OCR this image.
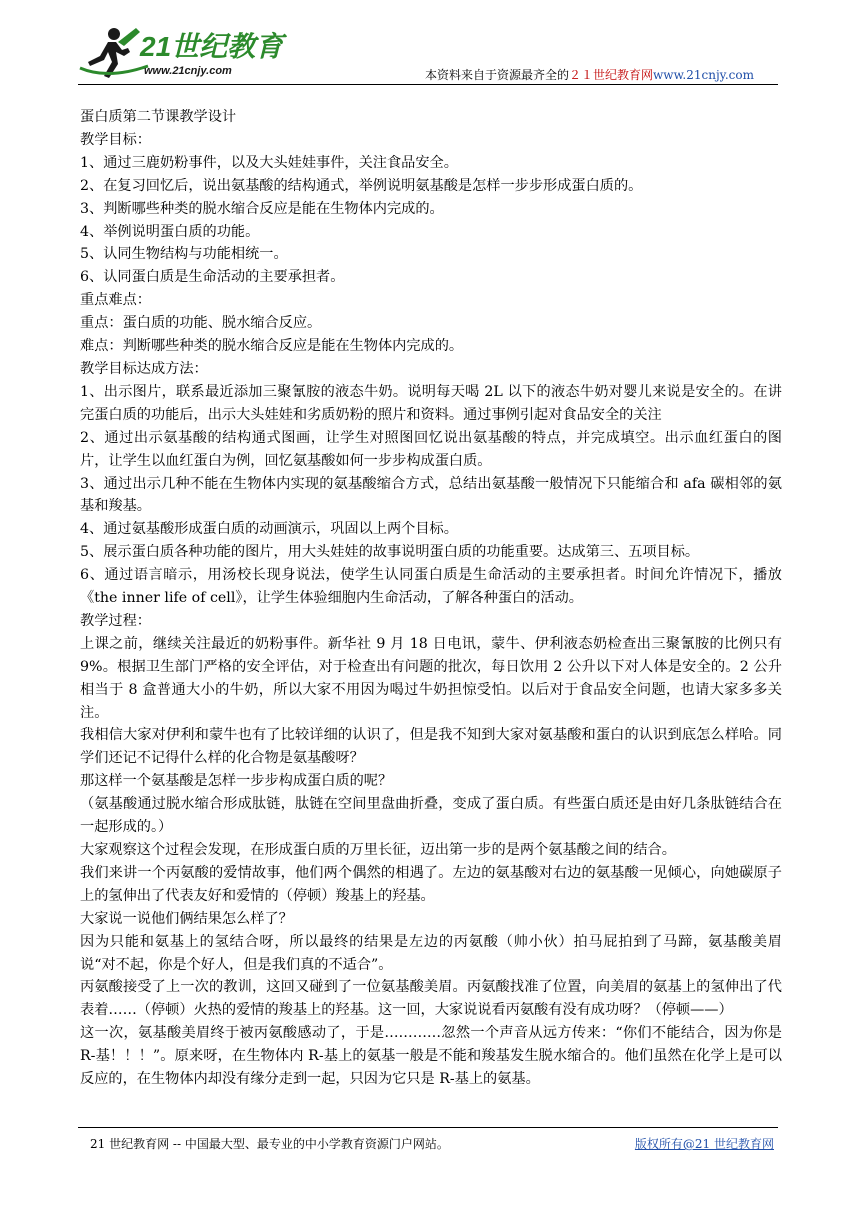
21世纪教育
www.21cnjy.com	本资料来自于资源最齐全的２１世纪教育网www.21cnjy.com

蛋白质第二节课教学设计

教学目标：

1、通过三鹿奶粉事件，以及大头娃娃事件，关注食品安全。

2、在复习回忆后，说出氨基酸的结构通式，举例说明氨基酸是怎样一步步形成蛋白质的。

3、判断哪些种类的脱水缩合反应是能在生物体内完成的。

4、举例说明蛋白质的功能。

5、认同生物结构与功能相统一。

6、认同蛋白质是生命活动的主要承担者。

重点难点：

重点：蛋白质的功能、脱水缩合反应。

难点：判断哪些种类的脱水缩合反应是能在生物体内完成的。

教学目标达成方法：

1、出示图片，联系最近添加三聚氰胺的液态牛奶。说明每天喝 2L 以下的液态牛奶对婴儿来说是安全的。在讲完蛋白质的功能后，出示大头娃娃和劣质奶粉的照片和资料。通过事例引起对食品安全的关注

2、通过出示氨基酸的结构通式图画，让学生对照图回忆说出氨基酸的特点，并完成填空。出示血红蛋白的图片，让学生以血红蛋白为例，回忆氨基酸如何一步步构成蛋白质。

3、通过出示几种不能在生物体内实现的氨基酸缩合方式，总结出氨基酸一般情况下只能缩合和 afa 碳相邻的氨基和羧基。

4、通过氨基酸形成蛋白质的动画演示，巩固以上两个目标。

5、展示蛋白质各种功能的图片，用大头娃娃的故事说明蛋白质的功能重要。达成第三、五项目标。

6、通过语言暗示，用汤校长现身说法，使学生认同蛋白质是生命活动的主要承担者。时间允许情况下，播放《the inner life of cell》，让学生体验细胞内生命活动，了解各种蛋白的活动。

教学过程：

上课之前，继续关注最近的奶粉事件。新华社 9 月 18 日电讯，蒙牛、伊利液态奶检查出三聚氰胺的比例只有 9%。根据卫生部门严格的安全评估，对于检查出有问题的批次，每日饮用 2 公升以下对人体是安全的。2 公升相当于 8 盒普通大小的牛奶，所以大家不用因为喝过牛奶担惊受怕。以后对于食品安全问题，也请大家多多关注。

我相信大家对伊利和蒙牛也有了比较详细的认识了，但是我不知到大家对氨基酸和蛋白的认识到底怎么样哈。同学们还记不记得什么样的化合物是氨基酸呀？

那这样一个氨基酸是怎样一步步构成蛋白质的呢？

（氨基酸通过脱水缩合形成肽链，肽链在空间里盘曲折叠，变成了蛋白质。有些蛋白质还是由好几条肽链结合在一起形成的。）

大家观察这个过程会发现，在形成蛋白质的万里长征，迈出第一步的是两个氨基酸之间的结合。

我们来讲一个丙氨酸的爱情故事，他们两个偶然的相遇了。左边的氨基酸对右边的氨基酸一见倾心，向她碳原子上的氢伸出了代表友好和爱情的（停顿）羧基上的羟基。

大家说一说他们俩结果怎么样了？

因为只能和氨基上的氢结合呀，所以最终的结果是左边的丙氨酸（帅小伙）拍马屁拍到了马蹄，氨基酸美眉说“对不起，你是个好人，但是我们真的不适合”。

丙氨酸接受了上一次的教训，这回又碰到了一位氨基酸美眉。丙氨酸找准了位置，向美眉的氨基上的氢伸出了代表着……（停顿）火热的爱情的羧基上的羟基。这一回，大家说说看丙氨酸有没有成功呀？（停顿——）

这一次，氨基酸美眉终于被丙氨酸感动了，于是…………忽然一个声音从远方传来：“你们不能结合，因为你是 R-基！！！”。原来呀，在生物体内 R-基上的氨基一般是不能和羧基发生脱水缩合的。他们虽然在化学上是可以反应的，在生物体内却没有缘分走到一起，只因为它只是 R-基上的氨基。

21 世纪教育网 -- 中国最大型、最专业的中小学教育资源门户网站。	版权所有@21 世纪教育网
